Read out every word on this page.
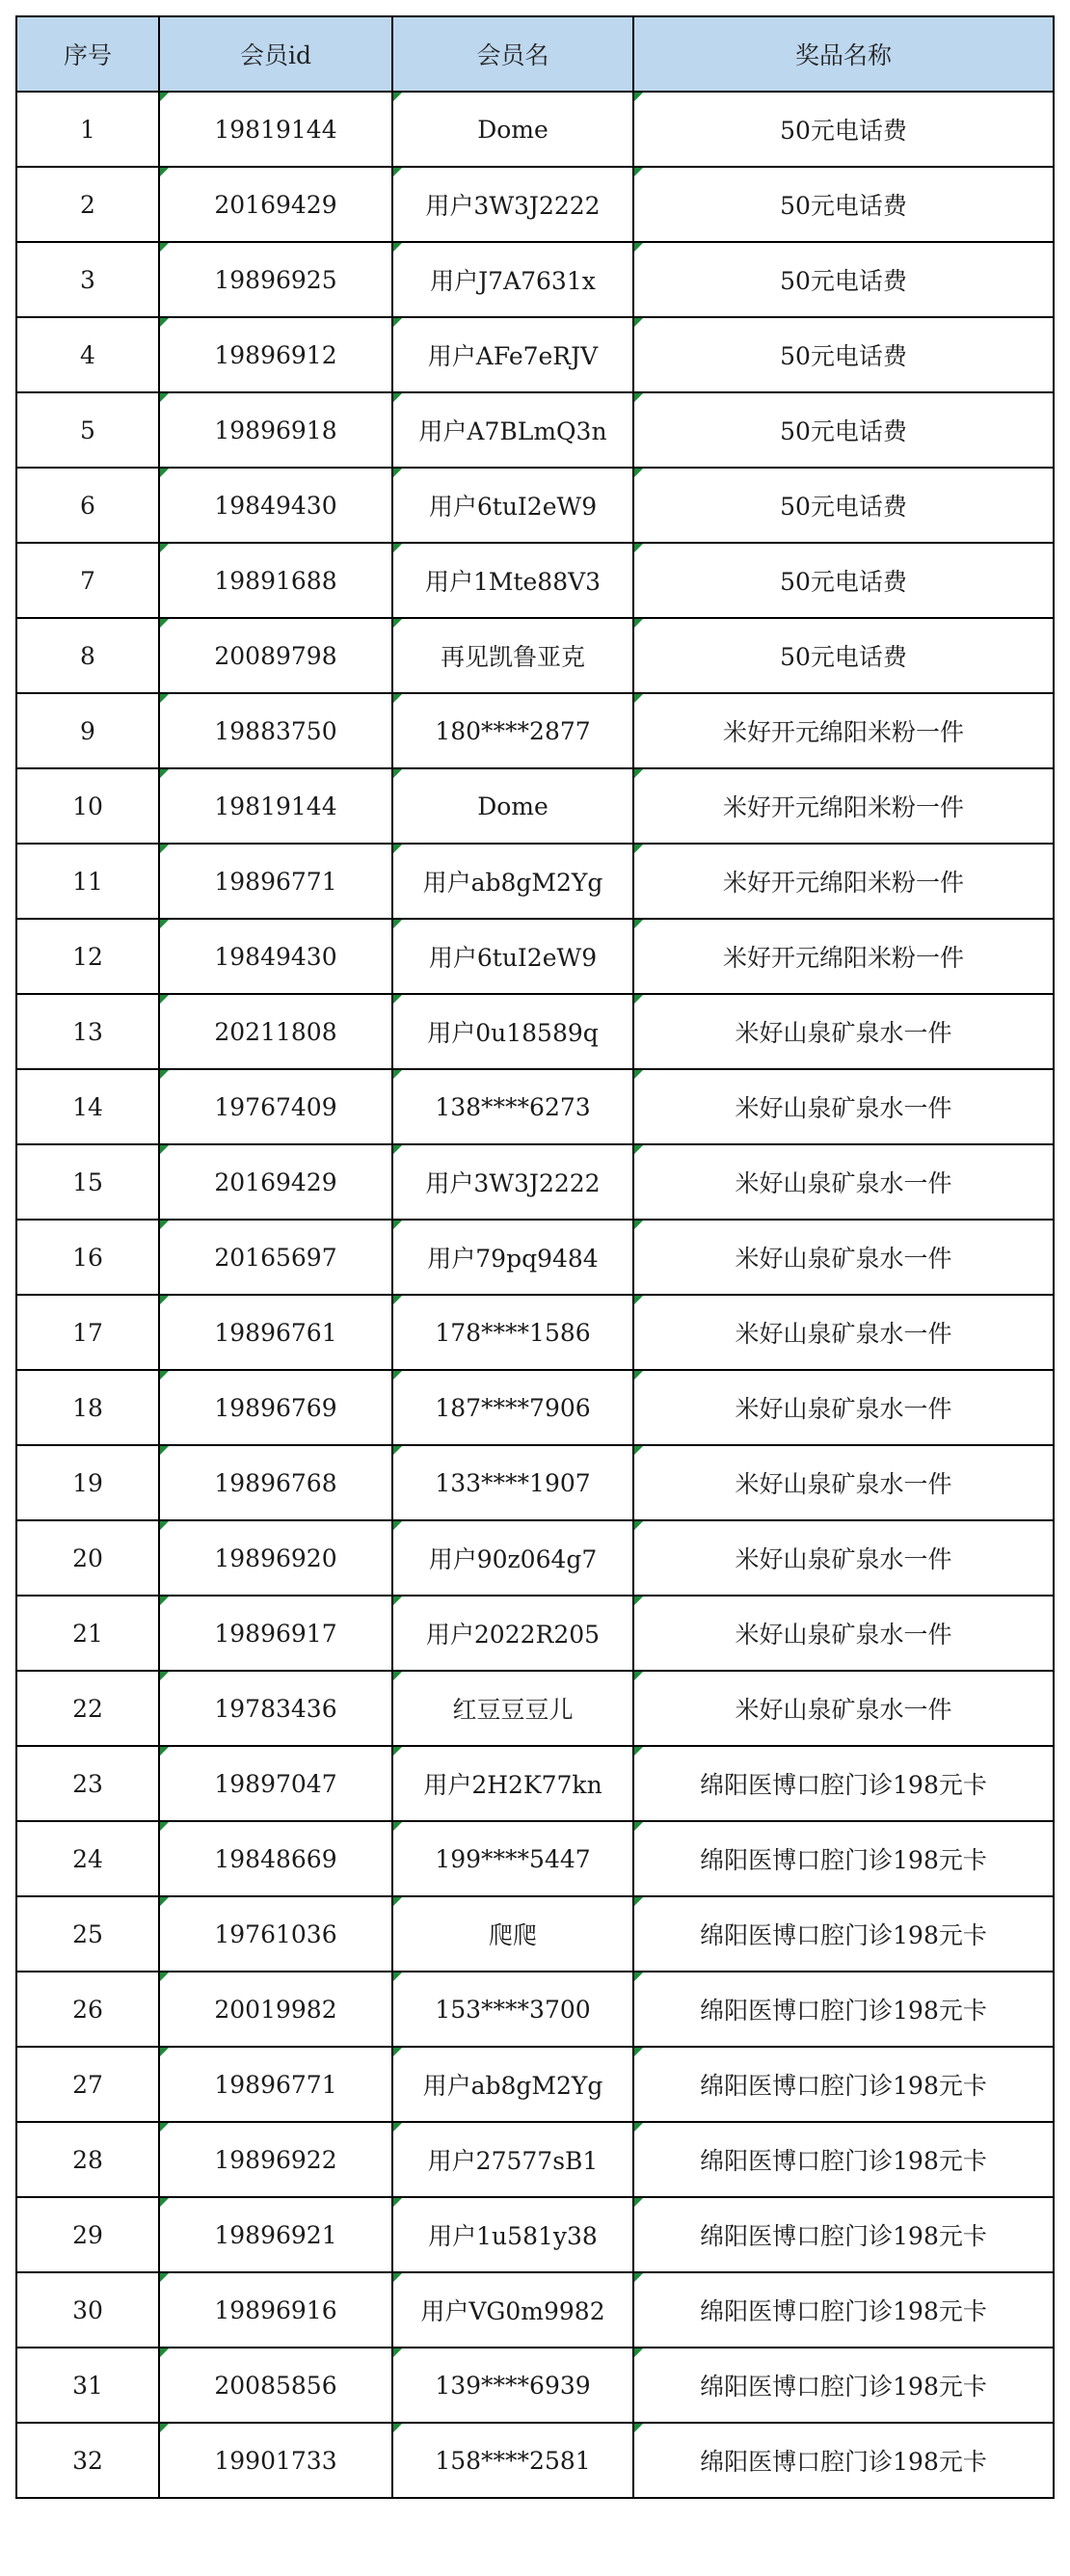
序号	会员id	会员名	奖品名称
1	19819144	Dome	50元电话费
2	20169429	用户3W3J2222	50元电话费
3	19896925	用户J7A7631x	50元电话费
4	19896912	用户AFe7eRJV	50元电话费
5	19896918	用户A7BLmQ3n	50元电话费
6	19849430	用户6tuI2eW9	50元电话费
7	19891688	用户1Mte88V3	50元电话费
8	20089798	再见凯鲁亚克	50元电话费
9	19883750	180****2877	米好开元绵阳米粉一件
10	19819144	Dome	米好开元绵阳米粉一件
11	19896771	用户ab8gM2Yg	米好开元绵阳米粉一件
12	19849430	用户6tuI2eW9	米好开元绵阳米粉一件
13	20211808	用户0u18589q	米好山泉矿泉水一件
14	19767409	138****6273	米好山泉矿泉水一件
15	20169429	用户3W3J2222	米好山泉矿泉水一件
16	20165697	用户79pq9484	米好山泉矿泉水一件
17	19896761	178****1586	米好山泉矿泉水一件
18	19896769	187****7906	米好山泉矿泉水一件
19	19896768	133****1907	米好山泉矿泉水一件
20	19896920	用户90z064g7	米好山泉矿泉水一件
21	19896917	用户2022R205	米好山泉矿泉水一件
22	19783436	红豆豆豆儿	米好山泉矿泉水一件
23	19897047	用户2H2K77kn	绵阳医博口腔门诊198元卡
24	19848669	199****5447	绵阳医博口腔门诊198元卡
25	19761036	爬爬	绵阳医博口腔门诊198元卡
26	20019982	153****3700	绵阳医博口腔门诊198元卡
27	19896771	用户ab8gM2Yg	绵阳医博口腔门诊198元卡
28	19896922	用户27577sB1	绵阳医博口腔门诊198元卡
29	19896921	用户1u581y38	绵阳医博口腔门诊198元卡
30	19896916	用户VG0m9982	绵阳医博口腔门诊198元卡
31	20085856	139****6939	绵阳医博口腔门诊198元卡
32	19901733	158****2581	绵阳医博口腔门诊198元卡
